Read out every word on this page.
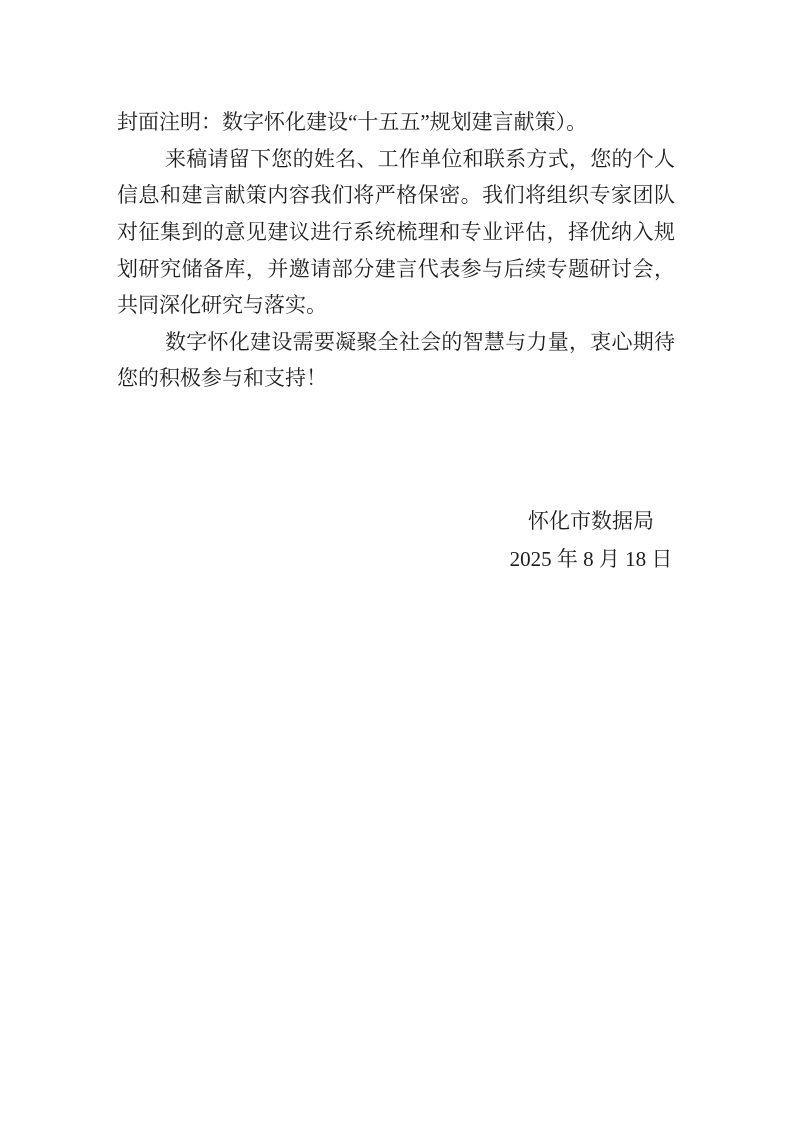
封面注明：数字怀化建设“十五五”规划建言献策）。
来稿请留下您的姓名、工作单位和联系方式，您的个人
信息和建言献策内容我们将严格保密。我们将组织专家团队
对征集到的意见建议进行系统梳理和专业评估，择优纳入规
划研究储备库，并邀请部分建言代表参与后续专题研讨会，
共同深化研究与落实。
数字怀化建设需要凝聚全社会的智慧与力量，衷心期待
您的积极参与和支持！
怀化市数据局
2025 年 8 月 18 日
